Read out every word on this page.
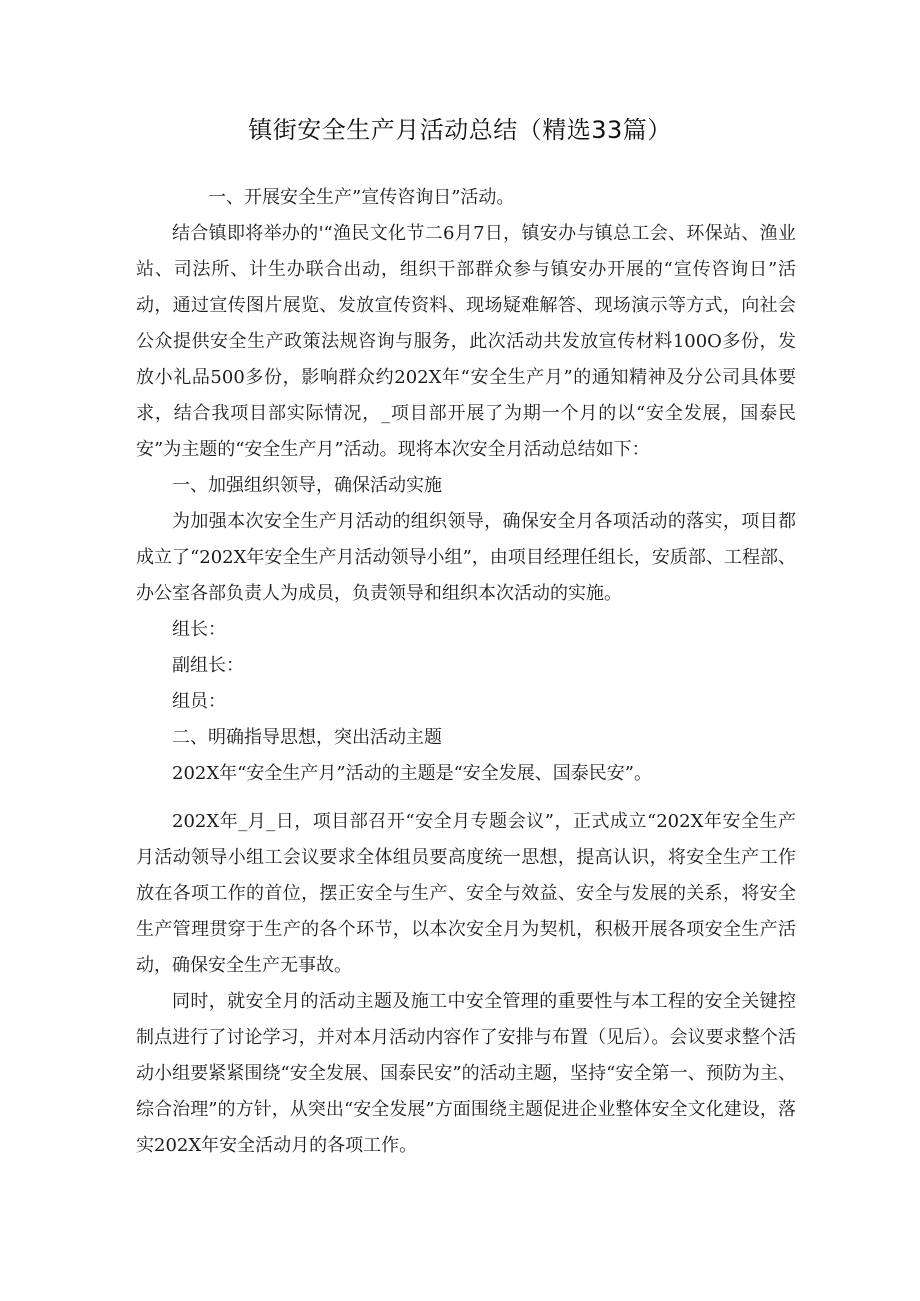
镇街安全生产月活动总结（精选33篇）

一、开展安全生产”宣传咨询日”活动。

结合镇即将举办的'“渔民文化节二6月7日，镇安办与镇总工会、环保站、渔业站、司法所、计生办联合出动，组织干部群众参与镇安办开展的“宣传咨询日”活动，通过宣传图片展览、发放宣传资料、现场疑难解答、现场演示等方式，向社会公众提供安全生产政策法规咨询与服务，此次活动共发放宣传材料100O多份，发放小礼品500多份，影响群众约202X年“安全生产月”的通知精神及分公司具体要求，结合我项目部实际情况，_项目部开展了为期一个月的以“安全发展，国泰民安”为主题的“安全生产月”活动。现将本次安全月活动总结如下：

一、加强组织领导，确保活动实施

为加强本次安全生产月活动的组织领导，确保安全月各项活动的落实，项目都成立了“202X年安全生产月活动领导小组”，由项目经理任组长，安质部、工程部、办公室各部负责人为成员，负责领导和组织本次活动的实施。

组长：

副组长：

组员：

二、明确指导思想，突出活动主题

202X年“安全生产月”活动的主题是“安全发展、国泰民安”。

202X年_月_日，项目部召开“安全月专题会议”，正式成立“202X年安全生产月活动领导小组工会议要求全体组员要高度统一思想，提高认识，将安全生产工作放在各项工作的首位，摆正安全与生产、安全与效益、安全与发展的关系，将安全生产管理贯穿于生产的各个环节，以本次安全月为契机，积极开展各项安全生产活动，确保安全生产无事故。

同时，就安全月的活动主题及施工中安全管理的重要性与本工程的安全关键控制点进行了讨论学习，并对本月活动内容作了安排与布置（见后）。会议要求整个活动小组要紧紧围绕“安全发展、国泰民安”的活动主题，坚持“安全第一、预防为主、综合治理”的方针，从突出“安全发展”方面围绕主题促进企业整体安全文化建设，落实202X年安全活动月的各项工作。
